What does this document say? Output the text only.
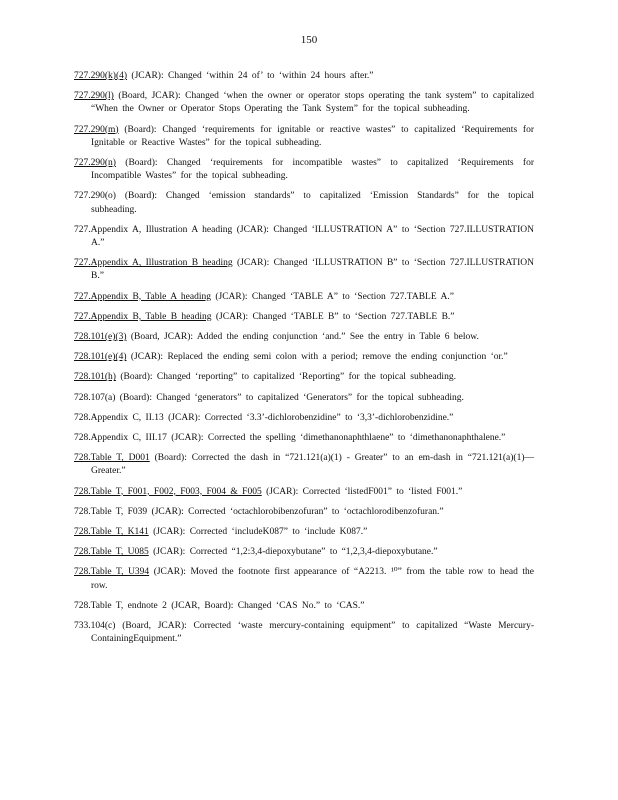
150

727.290(k)(4) (JCAR): Changed ‘within 24 of’ to ‘within 24 hours after.”

727.290(l) (Board, JCAR): Changed ‘when the owner or operator stops operating the tank system” to capitalized “When the Owner or Operator Stops Operating the Tank System” for the topical subheading.

727.290(m) (Board): Changed ‘requirements for ignitable or reactive wastes” to capitalized ‘Requirements for Ignitable or Reactive Wastes” for the topical subheading.

727.290(n) (Board): Changed ‘requirements for incompatible wastes” to capitalized ‘Requirements for Incompatible Wastes” for the topical subheading.

727.290(o) (Board): Changed ‘emission standards” to capitalized ‘Emission Standards” for the topical subheading.

727.Appendix A, Illustration A heading (JCAR): Changed ‘ILLUSTRATION A” to ‘Section 727.ILLUSTRATION A.”

727.Appendix A, Illustration B heading (JCAR): Changed ‘ILLUSTRATION B” to ‘Section 727.ILLUSTRATION B.”

727.Appendix B, Table A heading (JCAR): Changed ‘TABLE A” to ‘Section 727.TABLE A.”

727.Appendix B, Table B heading (JCAR): Changed ‘TABLE B” to ‘Section 727.TABLE B.”

728.101(e)(3) (Board, JCAR): Added the ending conjunction ‘and.” See the entry in Table 6 below.

728.101(e)(4) (JCAR): Replaced the ending semi colon with a period; remove the ending conjunction ‘or.”

728.101(h) (Board): Changed ‘reporting” to capitalized ‘Reporting” for the topical subheading.

728.107(a) (Board): Changed ‘generators” to capitalized ‘Generators” for the topical subheading.

728.Appendix C, II.13 (JCAR): Corrected ‘3.3’-dichlorobenzidine” to ‘3,3’-dichlorobenzidine.”

728.Appendix C, III.17 (JCAR): Corrected the spelling ‘dimethanonaphthlaene” to ‘dimethanonaphthalene.”

728.Table T, D001 (Board): Corrected the dash in “721.121(a)(1) - Greater” to an em-dash in “721.121(a)(1)—Greater.”

728.Table T, F001, F002, F003, F004 & F005 (JCAR): Corrected ‘listedF001” to ‘listed F001.”

728.Table T, F039 (JCAR): Corrected ‘octachlorobibenzofuran” to ‘octachlorodibenzofuran.”

728.Table T, K141 (JCAR): Corrected ‘includeK087” to ‘include K087.”

728.Table T, U085 (JCAR): Corrected “1,2:3,4-diepoxybutane” to “1,2,3,4-diepoxybutane.”

728.Table T, U394 (JCAR): Moved the footnote first appearance of “A2213. ¹⁰” from the table row to head the row.

728.Table T, endnote 2 (JCAR, Board): Changed ‘CAS No.” to ‘CAS.”

733.104(c) (Board, JCAR): Corrected ‘waste mercury-containing equipment” to capitalized “Waste Mercury-ContainingEquipment.”
